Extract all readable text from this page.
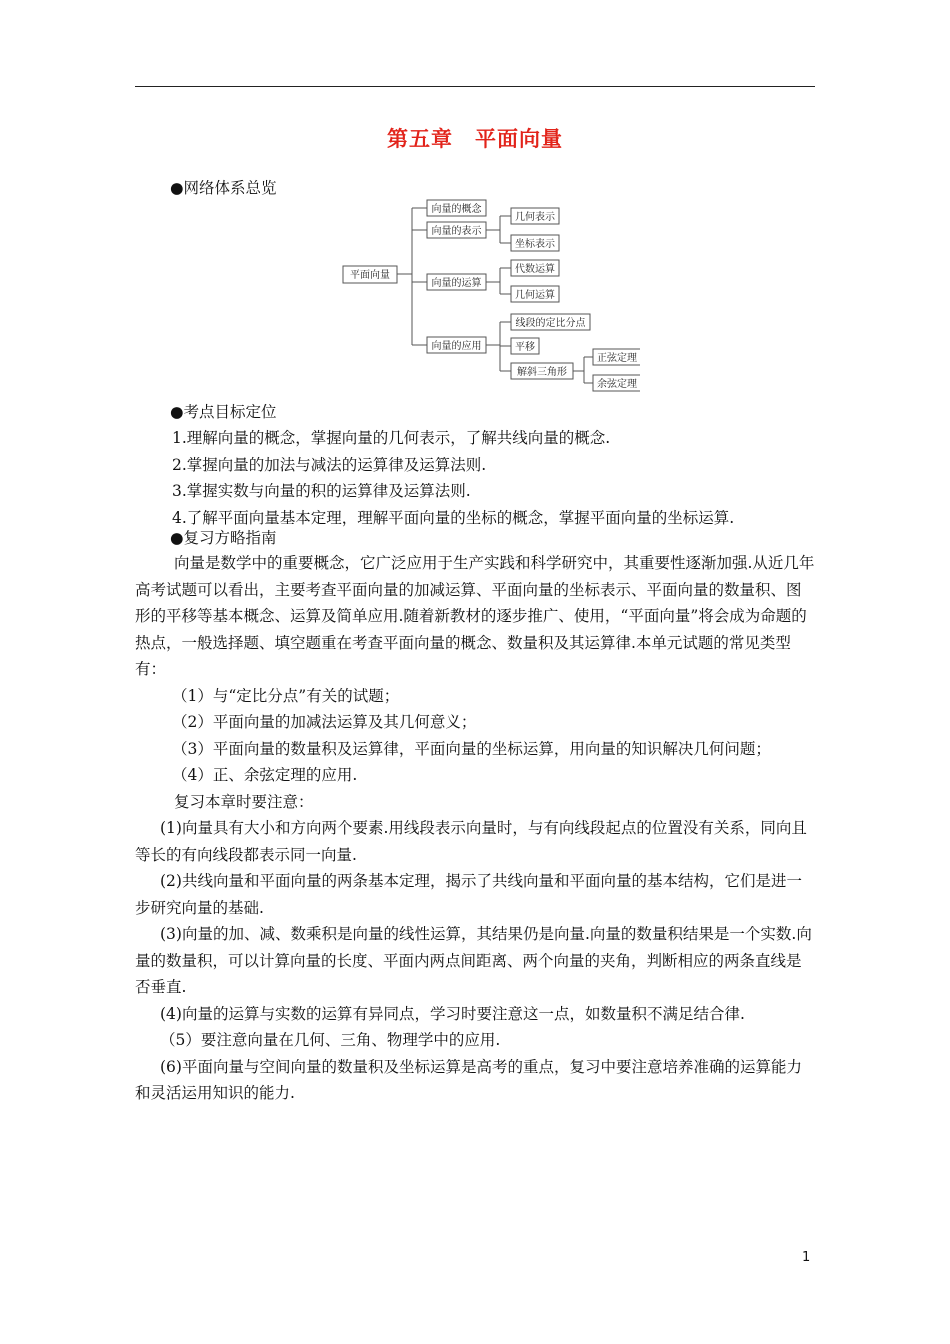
第五章　平面向量
●网络体系总览
平面向量
向量的概念
向量的表示
几何表示
坐标表示
向量的运算
代数运算
几何运算
向量的应用
线段的定比分点
平移
解斜三角形
正弦定理
余弦定理
●考点目标定位

1.理解向量的概念，掌握向量的几何表示，了解共线向量的概念.

2.掌握向量的加法与减法的运算律及运算法则.

3.掌握实数与向量的积的运算律及运算法则.

4.了解平面向量基本定理，理解平面向量的坐标的概念，掌握平面向量的坐标运算.

●复习方略指南

向量是数学中的重要概念，它广泛应用于生产实践和科学研究中，其重要性逐渐加强.从近几年高考试题可以看出，主要考查平面向量的加减运算、平面向量的坐标表示、平面向量的数量积、图形的平移等基本概念、运算及简单应用.随着新教材的逐步推广、使用，“平面向量”将会成为命题的热点，一般选择题、填空题重在考查平面向量的概念、数量积及其运算律.本单元试题的常见类型有：

（1）与“定比分点”有关的试题；

（2）平面向量的加减法运算及其几何意义；

（3）平面向量的数量积及运算律，平面向量的坐标运算，用向量的知识解决几何问题；

（4）正、余弦定理的应用.

复习本章时要注意：

(1)向量具有大小和方向两个要素.用线段表示向量时，与有向线段起点的位置没有关系，同向且等长的有向线段都表示同一向量.

(2)共线向量和平面向量的两条基本定理，揭示了共线向量和平面向量的基本结构，它们是进一步研究向量的基础.

(3)向量的加、减、数乘积是向量的线性运算，其结果仍是向量.向量的数量积结果是一个实数.向量的数量积，可以计算向量的长度、平面内两点间距离、两个向量的夹角，判断相应的两条直线是否垂直.

(4)向量的运算与实数的运算有异同点，学习时要注意这一点，如数量积不满足结合律.

（5）要注意向量在几何、三角、物理学中的应用.

(6)平面向量与空间向量的数量积及坐标运算是高考的重点，复习中要注意培养准确的运算能力和灵活运用知识的能力.

1
